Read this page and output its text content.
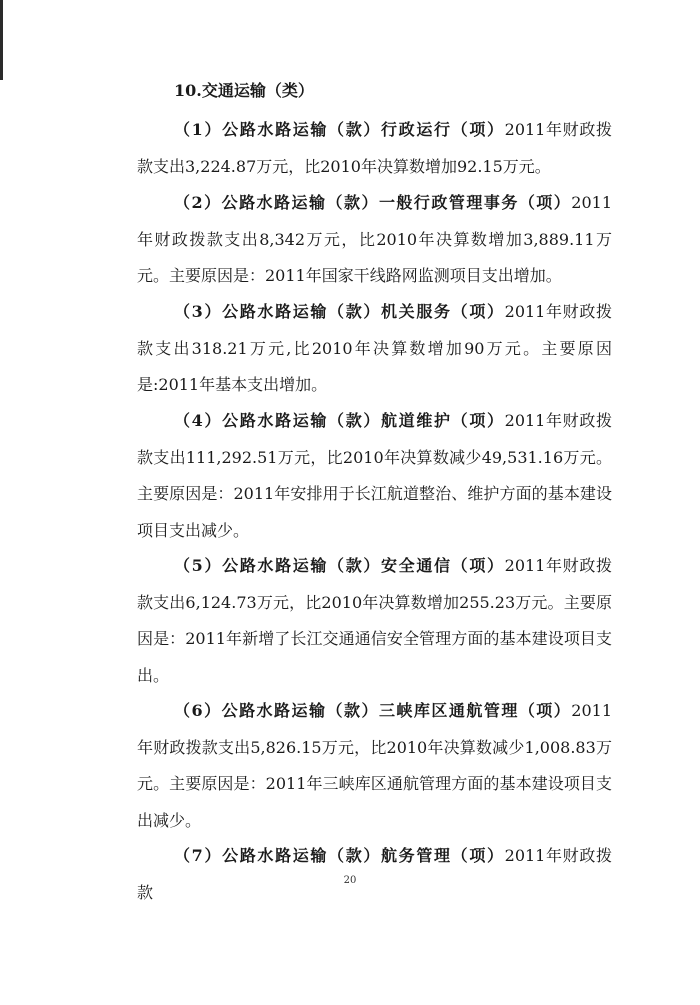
10.交通运输（类）

（1）公路水路运输（款）行政运行（项）2011年财政拨款支出3,224.87万元，比2010年决算数增加92.15万元。

（2）公路水路运输（款）一般行政管理事务（项）2011年财政拨款支出8,342万元，比2010年决算数增加3,889.11万元。主要原因是：2011年国家干线路网监测项目支出增加。

（3）公路水路运输（款）机关服务（项）2011年财政拨款支出318.21万元,比2010年决算数增加90万元。主要原因是:2011年基本支出增加。

（4）公路水路运输（款）航道维护（项）2011年财政拨款支出111,292.51万元，比2010年决算数减少49,531.16万元。主要原因是：2011年安排用于长江航道整治、维护方面的基本建设项目支出减少。

（5）公路水路运输（款）安全通信（项）2011年财政拨款支出6,124.73万元，比2010年决算数增加255.23万元。主要原因是：2011年新增了长江交通通信安全管理方面的基本建设项目支出。

（6）公路水路运输（款）三峡库区通航管理（项）2011年财政拨款支出5,826.15万元，比2010年决算数减少1,008.83万元。主要原因是：2011年三峡库区通航管理方面的基本建设项目支出减少。

（7）公路水路运输（款）航务管理（项）2011年财政拨款

20
